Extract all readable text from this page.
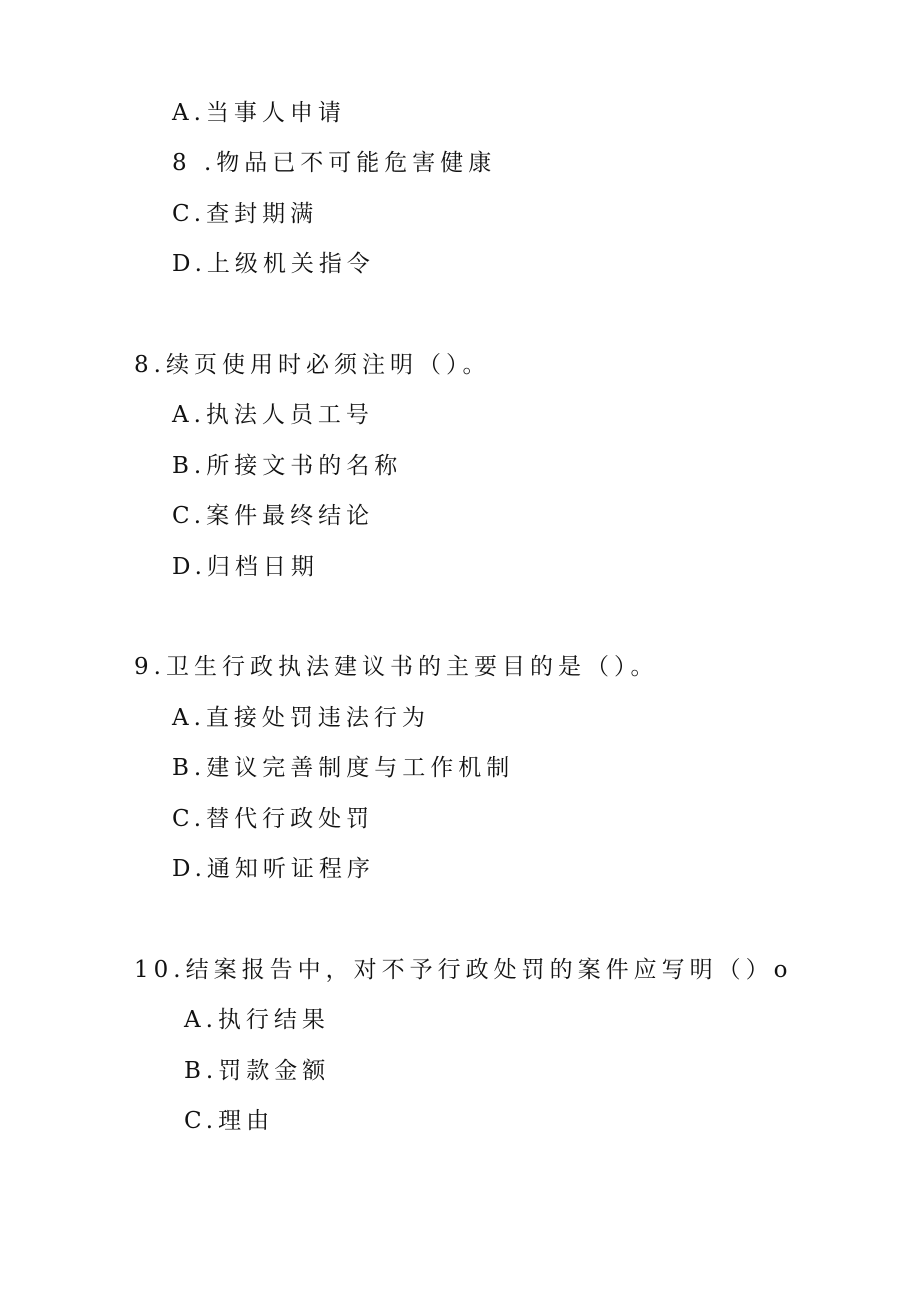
A.当事人申请
8 .物品已不可能危害健康
C.查封期满
D.上级机关指令
8.续页使用时必须注明（）。
A.执法人员工号
B.所接文书的名称
C.案件最终结论
D.归档日期
9.卫生行政执法建议书的主要目的是（）。
A.直接处罚违法行为
B.建议完善制度与工作机制
C.替代行政处罚
D.通知听证程序
10.结案报告中，对不予行政处罚的案件应写明（）o
A.执行结果
B.罚款金额
C.理由
